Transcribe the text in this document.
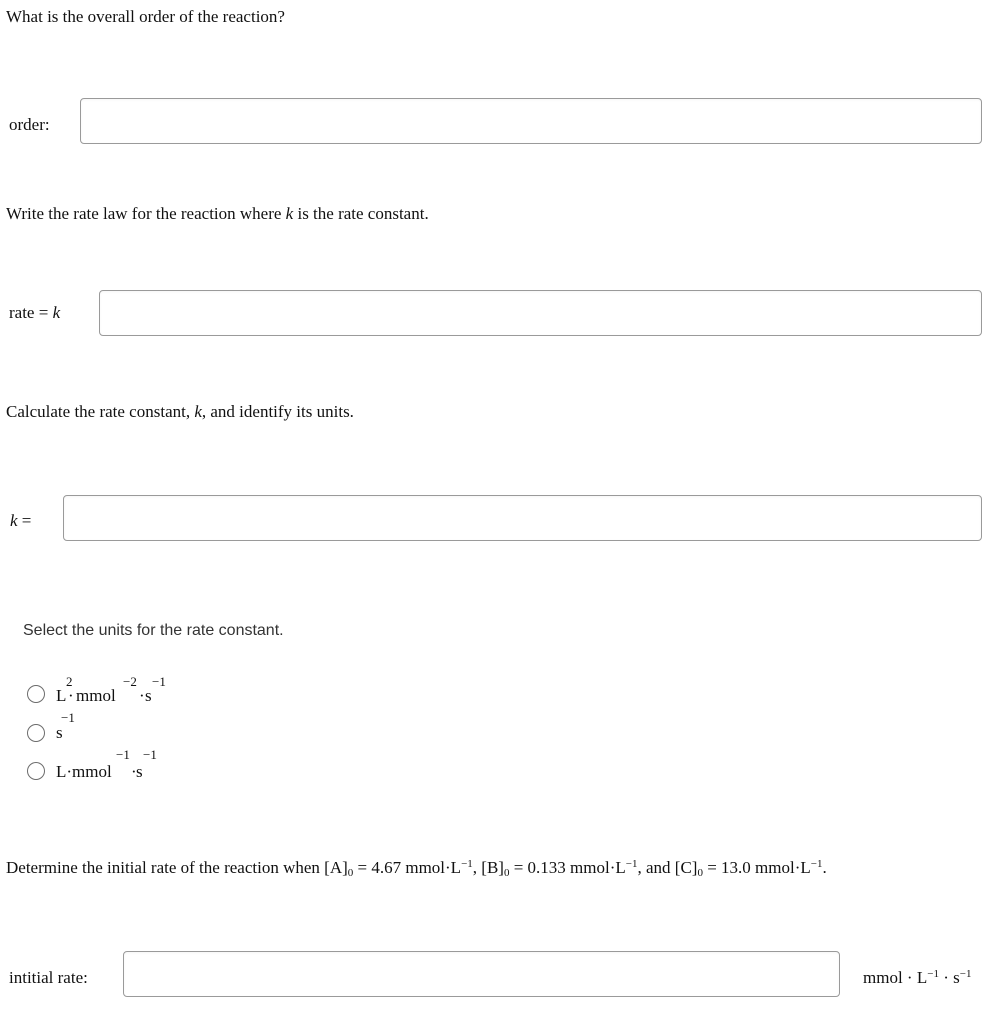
What is the overall order of the reaction?
order:
Write the rate law for the reaction where k is the rate constant.
rate = k
Calculate the rate constant, k, and identify its units.
k =
Select the units for the rate constant.
L
2
· mmol
−2
· s
−1
s
−1
L·mmol
−1
· s
−1
Determine the initial rate of the reaction when $[A]_0 = 4.67$ $mmol\cdot L^{-1}$, $[B]_0 = 0.133$ $mmol\cdot L^{-1}$, and $[C]_0 = 13.0$ $mmol\cdot L^{-1}$.
intitial rate:	mmol · $L^{-1} \cdot s^{-1}$
